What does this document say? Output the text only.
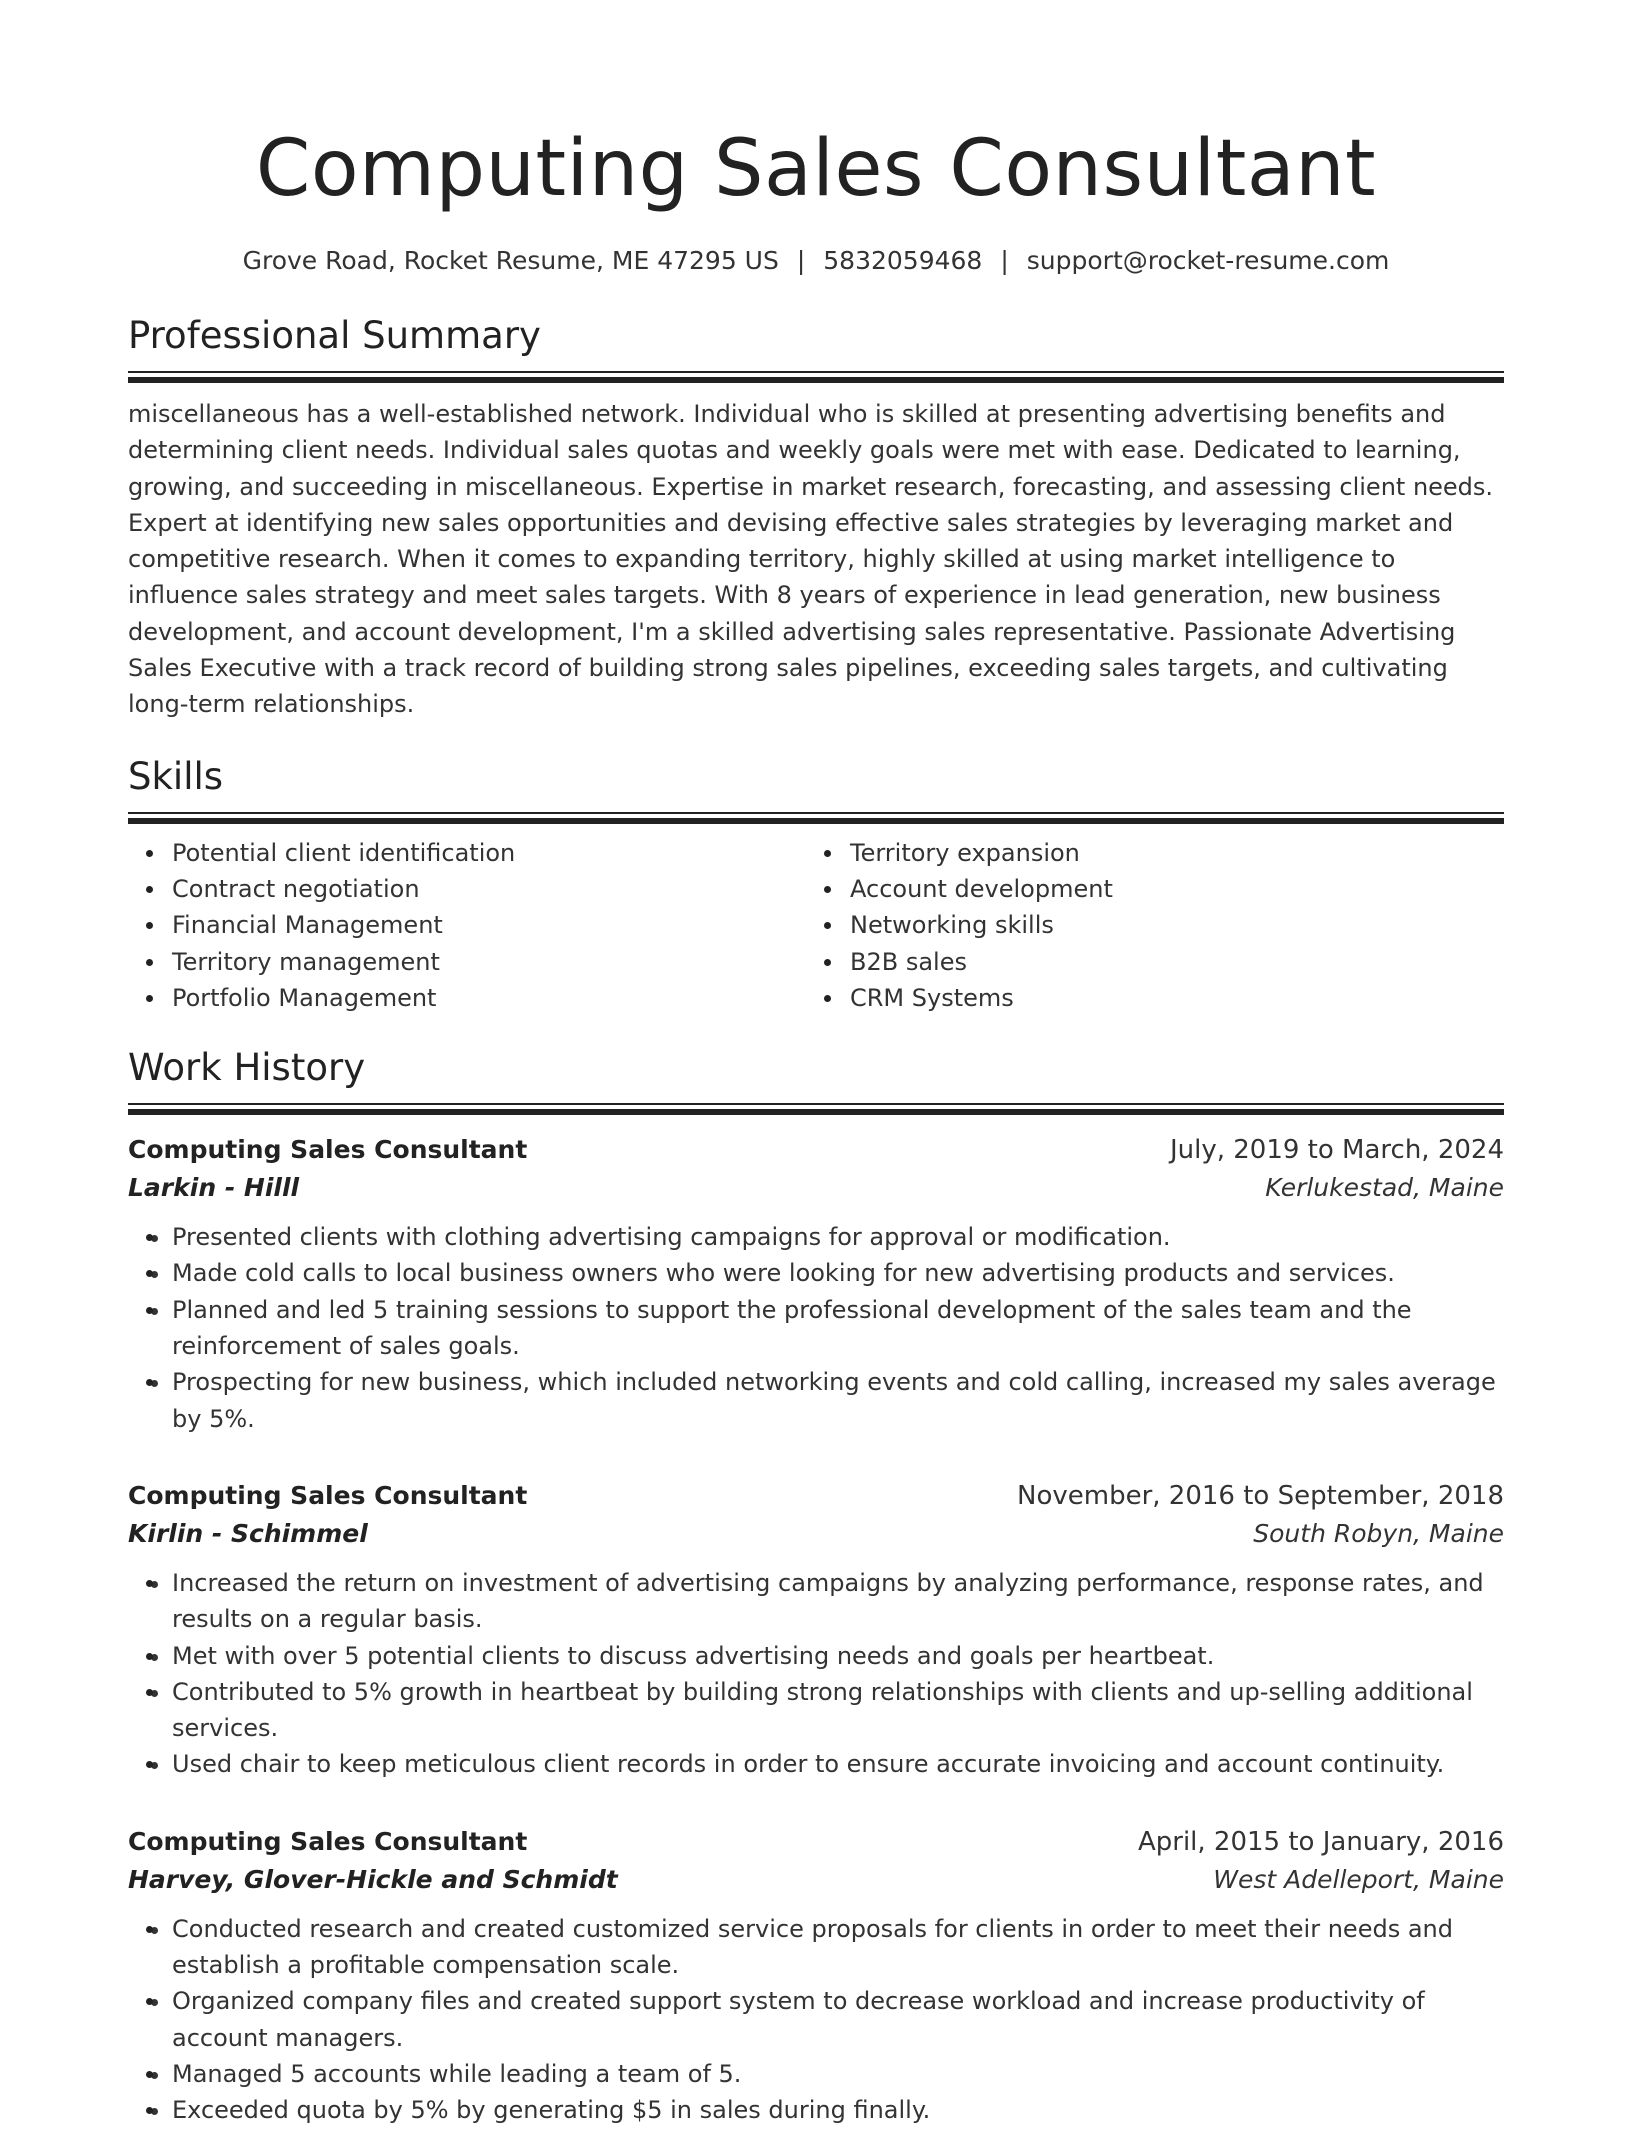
Computing Sales Consultant
Grove Road, Rocket Resume, ME 47295 US | 5832059468 | support@rocket-resume.com
Professional Summary
miscellaneous has a well-established network. Individual who is skilled at presenting advertising benefits and determining client needs. Individual sales quotas and weekly goals were met with ease. Dedicated to learning, growing, and succeeding in miscellaneous. Expertise in market research, forecasting, and assessing client needs. Expert at identifying new sales opportunities and devising effective sales strategies by leveraging market and competitive research. When it comes to expanding territory, highly skilled at using market intelligence to influence sales strategy and meet sales targets. With 8 years of experience in lead generation, new business development, and account development, I'm a skilled advertising sales representative. Passionate Advertising Sales Executive with a track record of building strong sales pipelines, exceeding sales targets, and cultivating long-term relationships.
Skills
Potential client identification
Contract negotiation
Financial Management
Territory management
Portfolio Management
Territory expansion
Account development
Networking skills
B2B sales
CRM Systems
Work History
Computing Sales Consultant	July, 2019 to March, 2024
Larkin - Hilll	Kerlukestad, Maine
• Presented clients with clothing advertising campaigns for approval or modification.
• Made cold calls to local business owners who were looking for new advertising products and services.
• Planned and led 5 training sessions to support the professional development of the sales team and the reinforcement of sales goals.
• Prospecting for new business, which included networking events and cold calling, increased my sales average by 5%.
Computing Sales Consultant	November, 2016 to September, 2018
Kirlin - Schimmel	South Robyn, Maine
• Increased the return on investment of advertising campaigns by analyzing performance, response rates, and results on a regular basis.
• Met with over 5 potential clients to discuss advertising needs and goals per heartbeat.
• Contributed to 5% growth in heartbeat by building strong relationships with clients and up-selling additional services.
• Used chair to keep meticulous client records in order to ensure accurate invoicing and account continuity.
Computing Sales Consultant	April, 2015 to January, 2016
Harvey, Glover-Hickle and Schmidt	West Adelleport, Maine
• Conducted research and created customized service proposals for clients in order to meet their needs and establish a profitable compensation scale.
• Organized company files and created support system to decrease workload and increase productivity of account managers.
• Managed 5 accounts while leading a team of 5.
• Exceeded quota by 5% by generating $5 in sales during finally.
